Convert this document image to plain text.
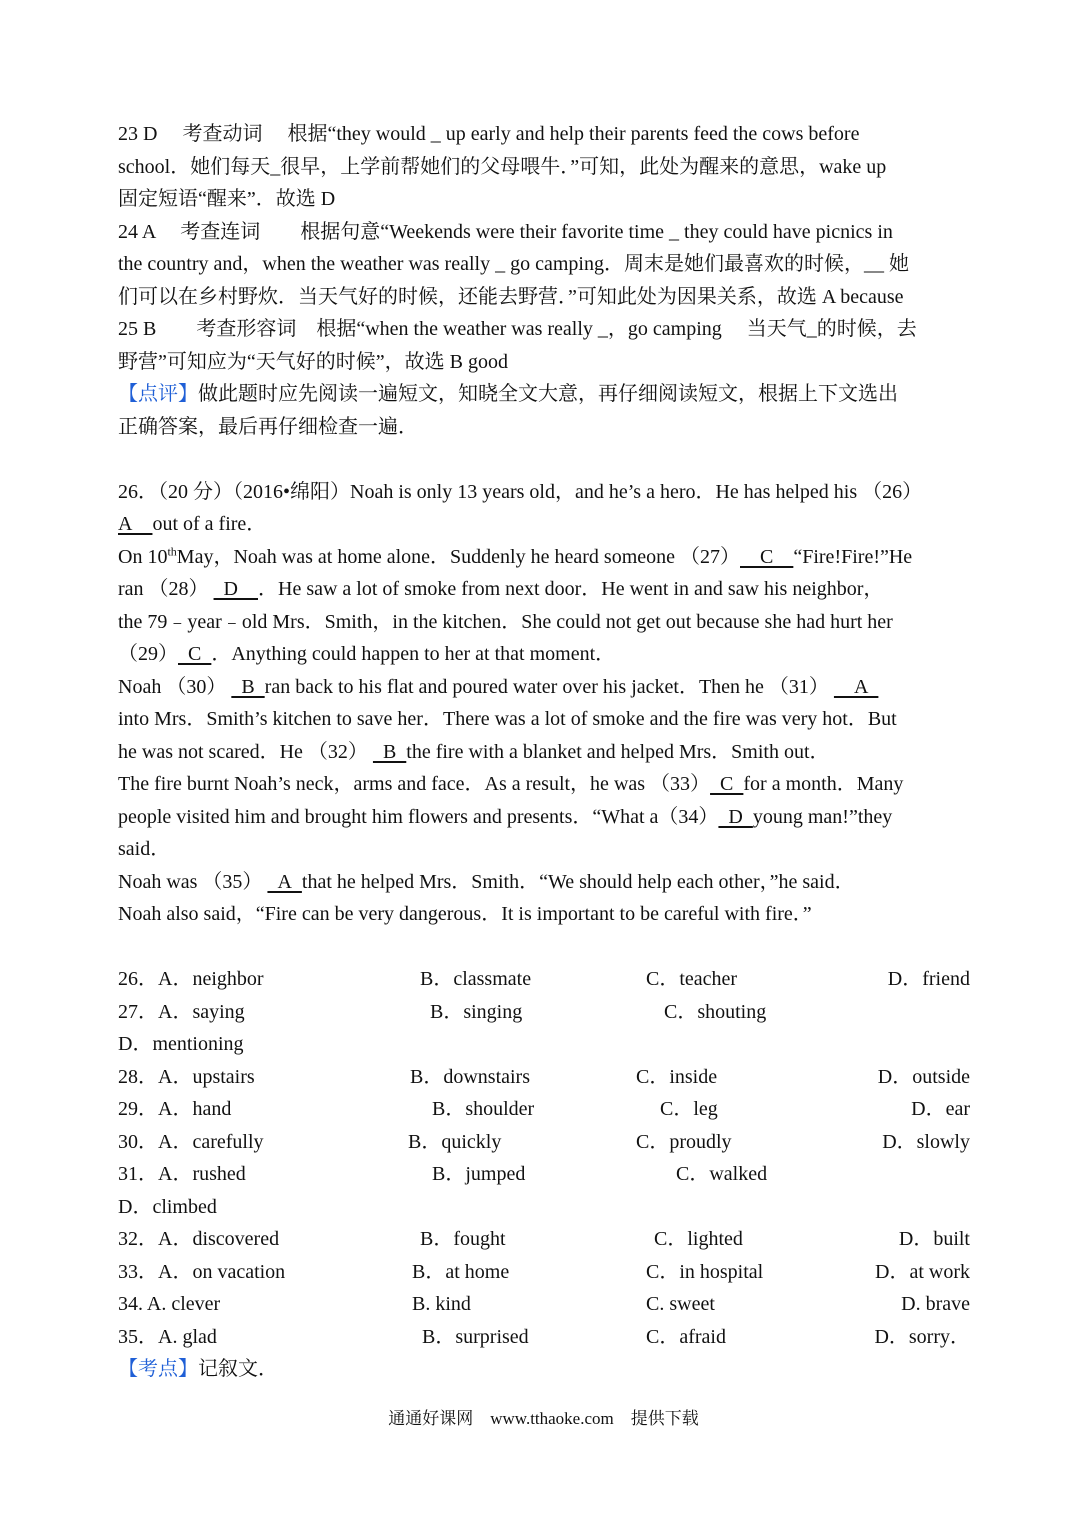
23 D　 考查动词　 根据“they would _ up early and help their parents feed the cows before
school．她们每天_很早，上学前帮她们的父母喂牛．”可知，此处为醒来的意思，wake up
固定短语“醒来”．故选 D
24 A　 考查连词　　根据句意“Weekends were their favorite time _ they could have picnics in
the country and，when the weather was really _ go camping．周末是她们最喜欢的时候，__ 她
们可以在乡村野炊．当天气好的时候，还能去野营．”可知此处为因果关系，故选 A because
25 B　　考查形容词　根据“when the weather was really _，go camping　 当天气_的时候，去
野营”可知应为“天气好的时候”，故选 B good
【点评】做此题时应先阅读一遍短文，知晓全文大意，再仔细阅读短文，根据上下文选出
正确答案，最后再仔细检查一遍．
26．（20 分）（2016•绵阳）Noah is only 13 years old，and he’s a hero．He has helped his （26）
A out of a fire．
On 10thMay，Noah was at home alone．Suddenly he heard someone （27） C “Fire!Fire!”He
ran （28）  D ．He saw a lot of smoke from next door．He went in and saw his neighbor，
the 79﹣year﹣old Mrs．Smith，in the kitchen．She could not get out because she had hurt her
（29） C ．Anything could happen to her at that moment．
Noah （30）  B ran back to his flat and poured water over his jacket．Then he （31）  A 
into Mrs．Smith’s kitchen to save her．There was a lot of smoke and the fire was very hot．But
he was not scared．He （32）  B the fire with a blanket and helped Mrs．Smith out．
The fire burnt Noah’s neck，arms and face．As a result，he was （33） C for a month．Many
people visited him and brought him flowers and presents．“What a（34） D young man!”they
said．
Noah was （35）  A that he helped Mrs．Smith．“We should help each other，”he said．
Noah also said，“Fire can be very dangerous．It is important to be careful with fire．”
26．A．neighbor	B．classmate	C．teacher	D．friend
27．A．saying	B．singing	C．shouting
D．mentioning
28．A．upstairs	B．downstairs	C．inside	D．outside
29．A．hand	B．shoulder	C．leg	D．ear
30．A．carefully	B．quickly	C．proudly	D．slowly
31．A．rushed	B．jumped	C．walked
D．climbed
32．A．discovered	B．fought	C．lighted	D．built
33．A．on vacation	B．at home	C．in hospital	D．at work
34. A. clever	B. kind	C. sweet	D. brave
35．A. glad	B．surprised	C．afraid	D．sorry．
【考点】记叙文．
通通好课网 www.tthaoke.com 提供下载
